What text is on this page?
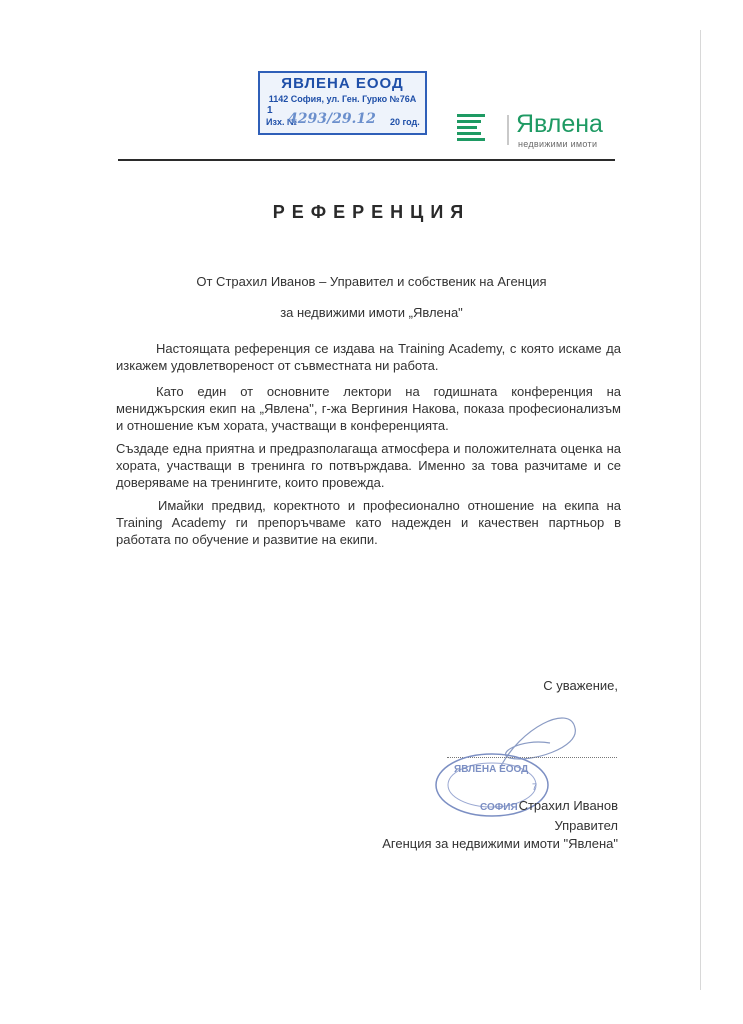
ЯВЛЕНА ЕООД
1142 София, ул. Ген. Гурко №76А
1
Изх. №
4293/29.12 20 год.	Явлена
недвижими имоти
РЕФЕРЕНЦИЯ
От Страхил Иванов – Управител и собственик на Агенция
за недвижими имоти „Явлена"

Настоящата референция се издава на Training Academy, с която искаме да изкажем удовлетвореност от съвместната ни работа.

Като един от основните лектори на годишната конференция на мениджърския екип на „Явлена", г-жа Вергиния Накова, показа професионализъм и отношение към хората, участващи в конференцията.

Създаде една приятна и предразполагаща атмосфера и положителната оценка на хората, участващи в тренинга го потвърждава. Именно за това разчитаме и се доверяваме на тренингите, които провежда.

Имайки предвид, коректното и професионално отношение на екипа на Training Academy ги препоръчваме като надежден и качествен партньор в работата по обучение и развитие на екипи.

С уважение,
ЯВЛЕНА ЕООД
СОФИЯ
7
Страхил Иванов
Управител
Агенция за недвижими имоти "Явлена"
